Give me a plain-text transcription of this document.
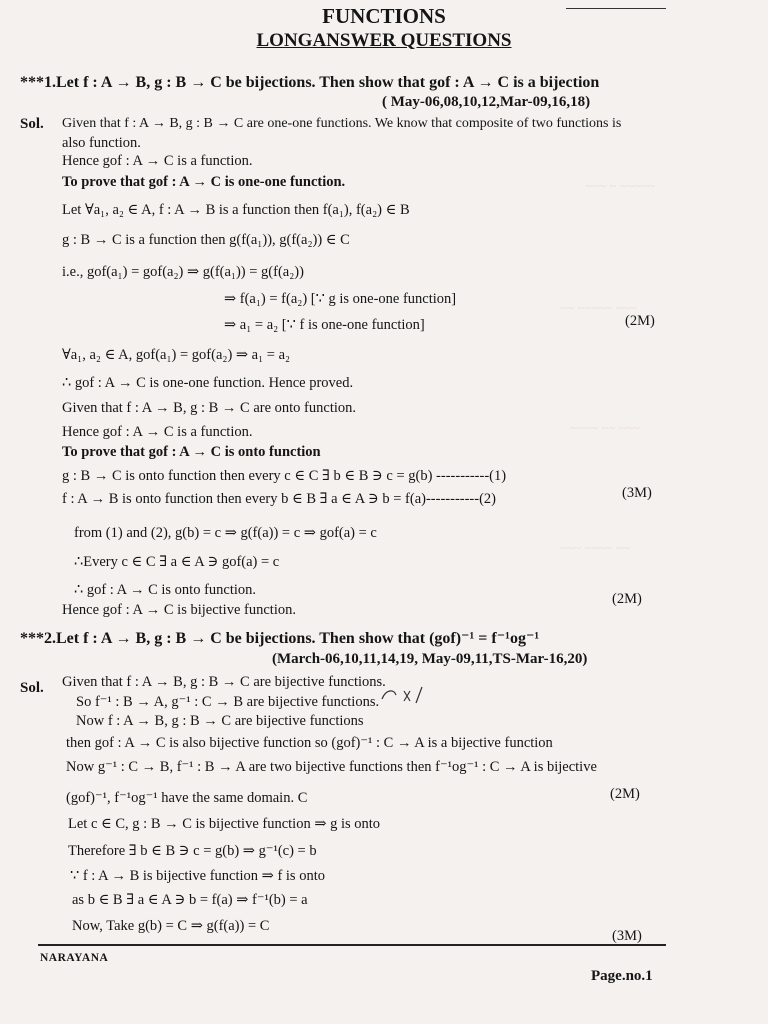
~~~ ~ ~~~~~
~~ ~~~~~ ~~~
~~~~ ~~ ~~~
~~~ ~~~~ ~~
FUNCTIONS
LONGANSWER QUESTIONS
***1.Let f : A → B, g : B → C be bijections. Then show that gof : A → C is a bijection
( May-06,08,10,12,Mar-09,16,18)
Sol. Given that f : A → B, g : B → C are one-one functions. We know that composite of two functions is
also function.
Hence gof : A → C is a function.
To prove that gof : A → C is one-one function.
Let ∀a₁, a₂ ∈ A, f : A → B is a function then f(a₁), f(a₂) ∈ B
g : B → C is a function then g(f(a₁)), g(f(a₂)) ∈ C
i.e., gof(a₁) = gof(a₂) ⇒ g(f(a₁)) = g(f(a₂))
⇒ f(a₁) = f(a₂) [∵ g is one-one function]
⇒ a₁ = a₂ [∵ f is one-one function]	(2M)
∀a₁, a₂ ∈ A, gof(a₁) = gof(a₂) ⇒ a₁ = a₂
∴ gof : A → C is one-one function. Hence proved.
Given that f : A → B, g : B → C are onto function.
Hence gof : A → C is a function.
To prove that gof : A → C is onto function
g : B → C is onto function then every c ∈ C ∃ b ∈ B ∋ c = g(b) -----------(1)
f : A → B is onto function then every b ∈ B ∃ a ∈ A ∋ b = f(a)-----------(2)	(3M)
from (1) and (2), g(b) = c ⇒ g(f(a)) = c ⇒ gof(a) = c
∴Every c ∈ C ∃ a ∈ A ∋ gof(a) = c
∴ gof : A → C is onto function.
(2M)
Hence gof : A → C is bijective function.
***2.Let f : A → B, g : B → C be bijections. Then show that (gof)⁻¹ = f⁻¹og⁻¹
(March-06,10,11,14,19, May-09,11,TS-Mar-16,20)
Sol. Given that f : A → B, g : B → C are bijective functions.
So f⁻¹ : B → A, g⁻¹ : C → B are bijective functions.
Now f : A → B, g : B → C are bijective functions
then gof : A → C is also bijective function so (gof)⁻¹ : C → A is a bijective function
Now g⁻¹ : C → B, f⁻¹ : B → A are two bijective functions then f⁻¹og⁻¹ : C → A is bijective
(gof)⁻¹, f⁻¹og⁻¹ have the same domain. C	(2M)
Let c ∈ C, g : B → C is bijective function ⇒ g is onto
Therefore ∃ b ∈ B ∋ c = g(b) ⇒ g⁻¹(c) = b
∵ f : A → B is bijective function ⇒ f is onto
as b ∈ B ∃ a ∈ A ∋ b = f(a) ⇒ f⁻¹(b) = a
Now, Take g(b) = C ⇒ g(f(a)) = C
(3M)
NARAYANA
Page.no.1
